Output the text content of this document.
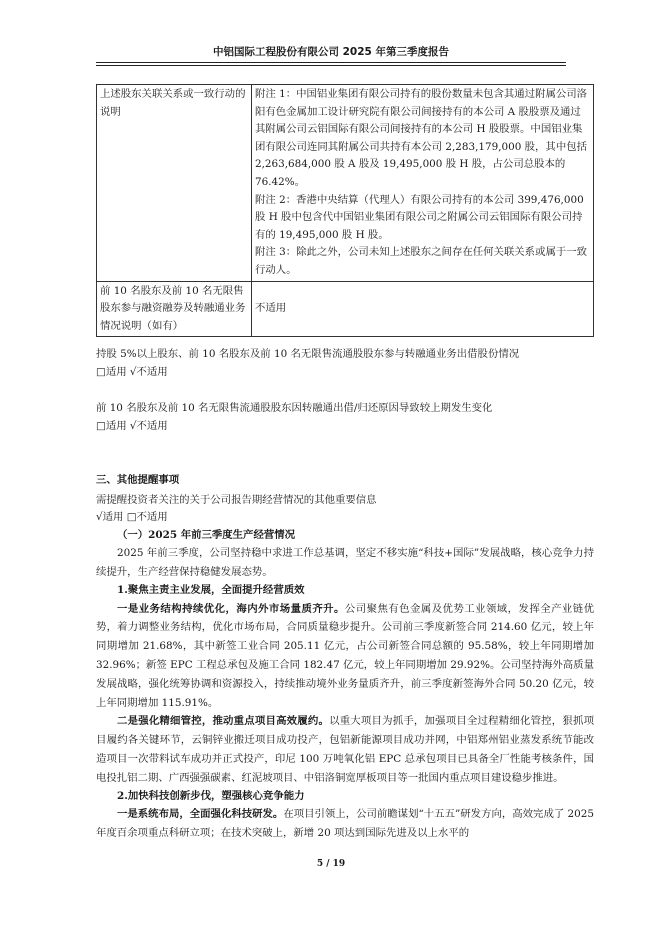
中铝国际工程股份有限公司 2025 年第三季度报告
上述股东关联关系或一致行动的说明	附注 1：中国铝业集团有限公司持有的股份数量未包含其通过附属公司洛阳有色金属加工设计研究院有限公司间接持有的本公司 A 股股票及通过其附属公司云铝国际有限公司间接持有的本公司 H 股股票。中国铝业集团有限公司连同其附属公司共持有本公司 2,283,179,000 股，其中包括 2,263,684,000 股 A 股及 19,495,000 股 H 股，占公司总股本的 76.42%。
附注 2：香港中央结算（代理人）有限公司持有的本公司 399,476,000 股 H 股中包含代中国铝业集团有限公司之附属公司云铝国际有限公司持有的 19,495,000 股 H 股。
附注 3：除此之外，公司未知上述股东之间存在任何关联关系或属于一致行动人。

前 10 名股东及前 10 名无限售股东参与融资融券及转融通业务情况说明（如有）	不适用
持股 5%以上股东、前 10 名股东及前 10 名无限售流通股股东参与转融通业务出借股份情况
□适用 √不适用
前 10 名股东及前 10 名无限售流通股股东因转融通出借/归还原因导致较上期发生变化
□适用 √不适用
三、其他提醒事项
需提醒投资者关注的关于公司报告期经营情况的其他重要信息
√适用 □不适用
（一）2025 年前三季度生产经营情况
2025 年前三季度，公司坚持稳中求进工作总基调，坚定不移实施“科技+国际”发展战略，核心竞争力持续提升，生产经营保持稳健发展态势。
1.聚焦主责主业发展，全面提升经营质效
一是业务结构持续优化，海内外市场量质齐升。公司聚焦有色金属及优势工业领域，发挥全产业链优势，着力调整业务结构，优化市场布局，合同质量稳步提升。公司前三季度新签合同 214.60 亿元，较上年同期增加 21.68%，其中新签工业合同 205.11 亿元，占公司新签合同总额的 95.58%，较上年同期增加 32.96%；新签 EPC 工程总承包及施工合同 182.47 亿元，较上年同期增加 29.92%。公司坚持海外高质量发展战略，强化统筹协调和资源投入，持续推动境外业务量质齐升，前三季度新签海外合同 50.20 亿元，较上年同期增加 115.91%。
二是强化精细管控，推动重点项目高效履约。以重大项目为抓手，加强项目全过程精细化管控，狠抓项目履约各关键环节，云铜锌业搬迁项目成功投产，包铝新能源项目成功并网，中铝郑州铝业蒸发系统节能改造项目一次带料试车成功并正式投产，印尼 100 万吨氧化铝 EPC 总承包项目已具备全厂性能考核条件，国电投扎铝二期、广西强强碳素、红泥坡项目、中铝洛铜宽厚板项目等一批国内重点项目建设稳步推进。
2.加快科技创新步伐，塑强核心竞争能力
一是系统布局，全面强化科技研发。在项目引领上，公司前瞻谋划“十五五”研发方向，高效完成了 2025 年度百余项重点科研立项；在技术突破上，新增 20 项达到国际先进及以上水平的
5 / 19
